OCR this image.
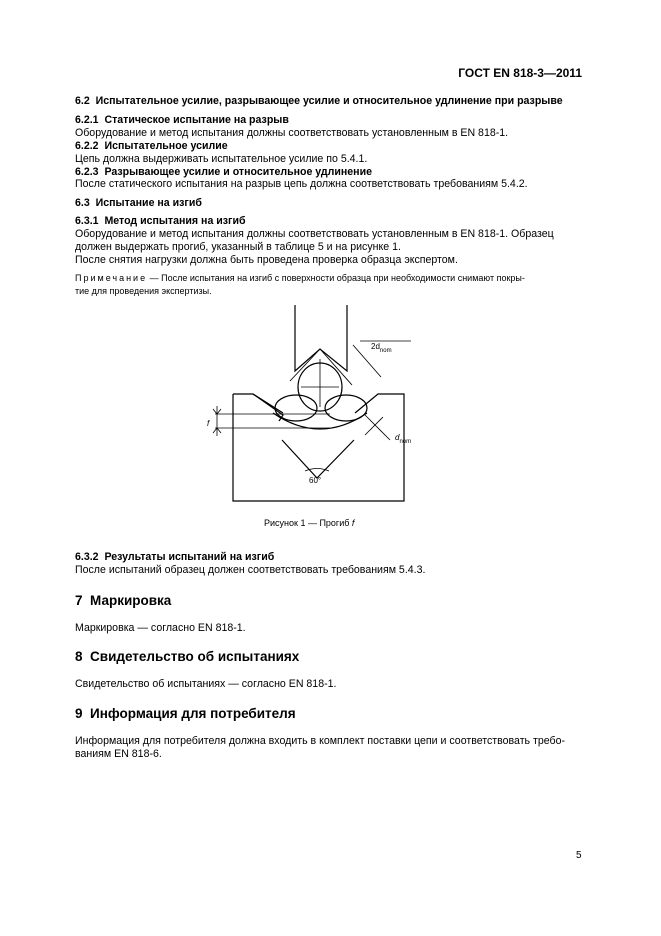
ГОСТ EN 818-3—2011
6.2 Испытательное усилие, разрывающее усилие и относительное удлинение при разрыве
6.2.1 Статическое испытание на разрыв
Оборудование и метод испытания должны соответствовать установленным в EN 818-1.
6.2.2 Испытательное усилие
Цепь должна выдерживать испытательное усилие по 5.4.1.
6.2.3 Разрывающее усилие и относительное удлинение
После статического испытания на разрыв цепь должна соответствовать требованиям 5.4.2.
6.3 Испытание на изгиб
6.3.1 Метод испытания на изгиб
Оборудование и метод испытания должны соответствовать установленным в EN 818-1. Образец
должен выдержать прогиб, указанный в таблице 5 и на рисунке 1.
После снятия нагрузки должна быть проведена проверка образца экспертом.
Примечание — После испытания на изгиб с поверхности образца при необходимости снимают покры-
тие для проведения экспертизы.
$2d_{nom}$
$d_{nom}$
f
60°
Рисунок 1 — Прогиб f
6.3.2 Результаты испытаний на изгиб
После испытаний образец должен соответствовать требованиям 5.4.3.
7 Маркировка
Маркировка — согласно EN 818-1.
8 Свидетельство об испытаниях
Свидетельство об испытаниях — согласно EN 818-1.
9 Информация для потребителя
Информация для потребителя должна входить в комплект поставки цепи и соответствовать требо-
ваниям EN 818-6.
5
